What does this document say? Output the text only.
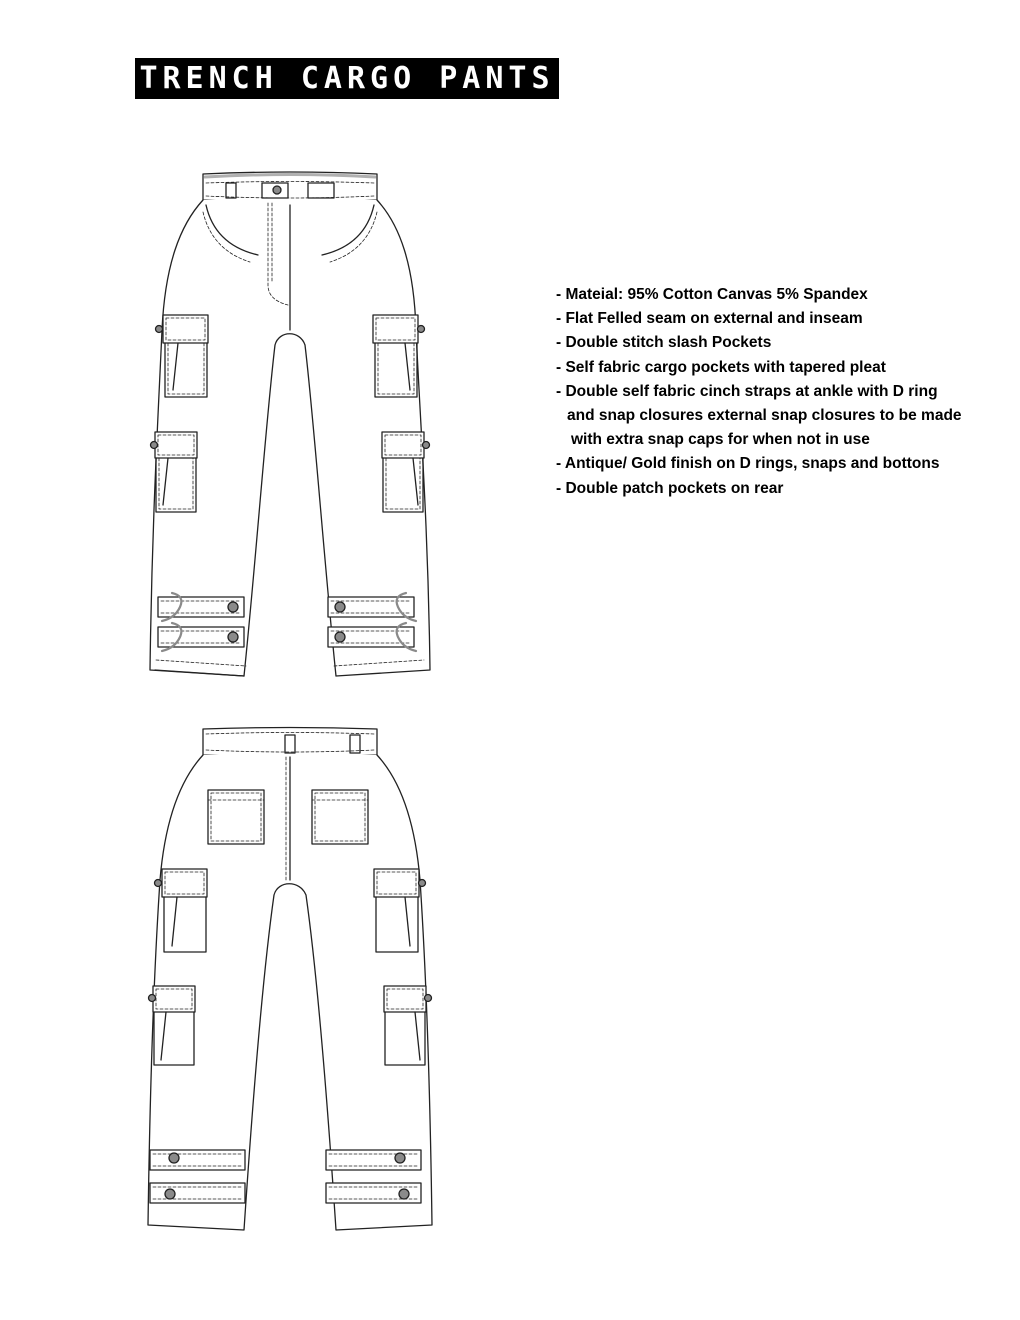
TRENCH CARGO PANTS
- Mateial: 95% Cotton Canvas 5% Spandex
- Flat Felled seam on external and inseam
- Double stitch slash Pockets
- Self fabric cargo pockets with tapered pleat
- Double self fabric cinch straps at ankle with D ring
and snap closures external snap closures to be made
with extra snap caps for when not in use
- Antique/ Gold finish on D rings, snaps and bottons
- Double patch pockets on rear
